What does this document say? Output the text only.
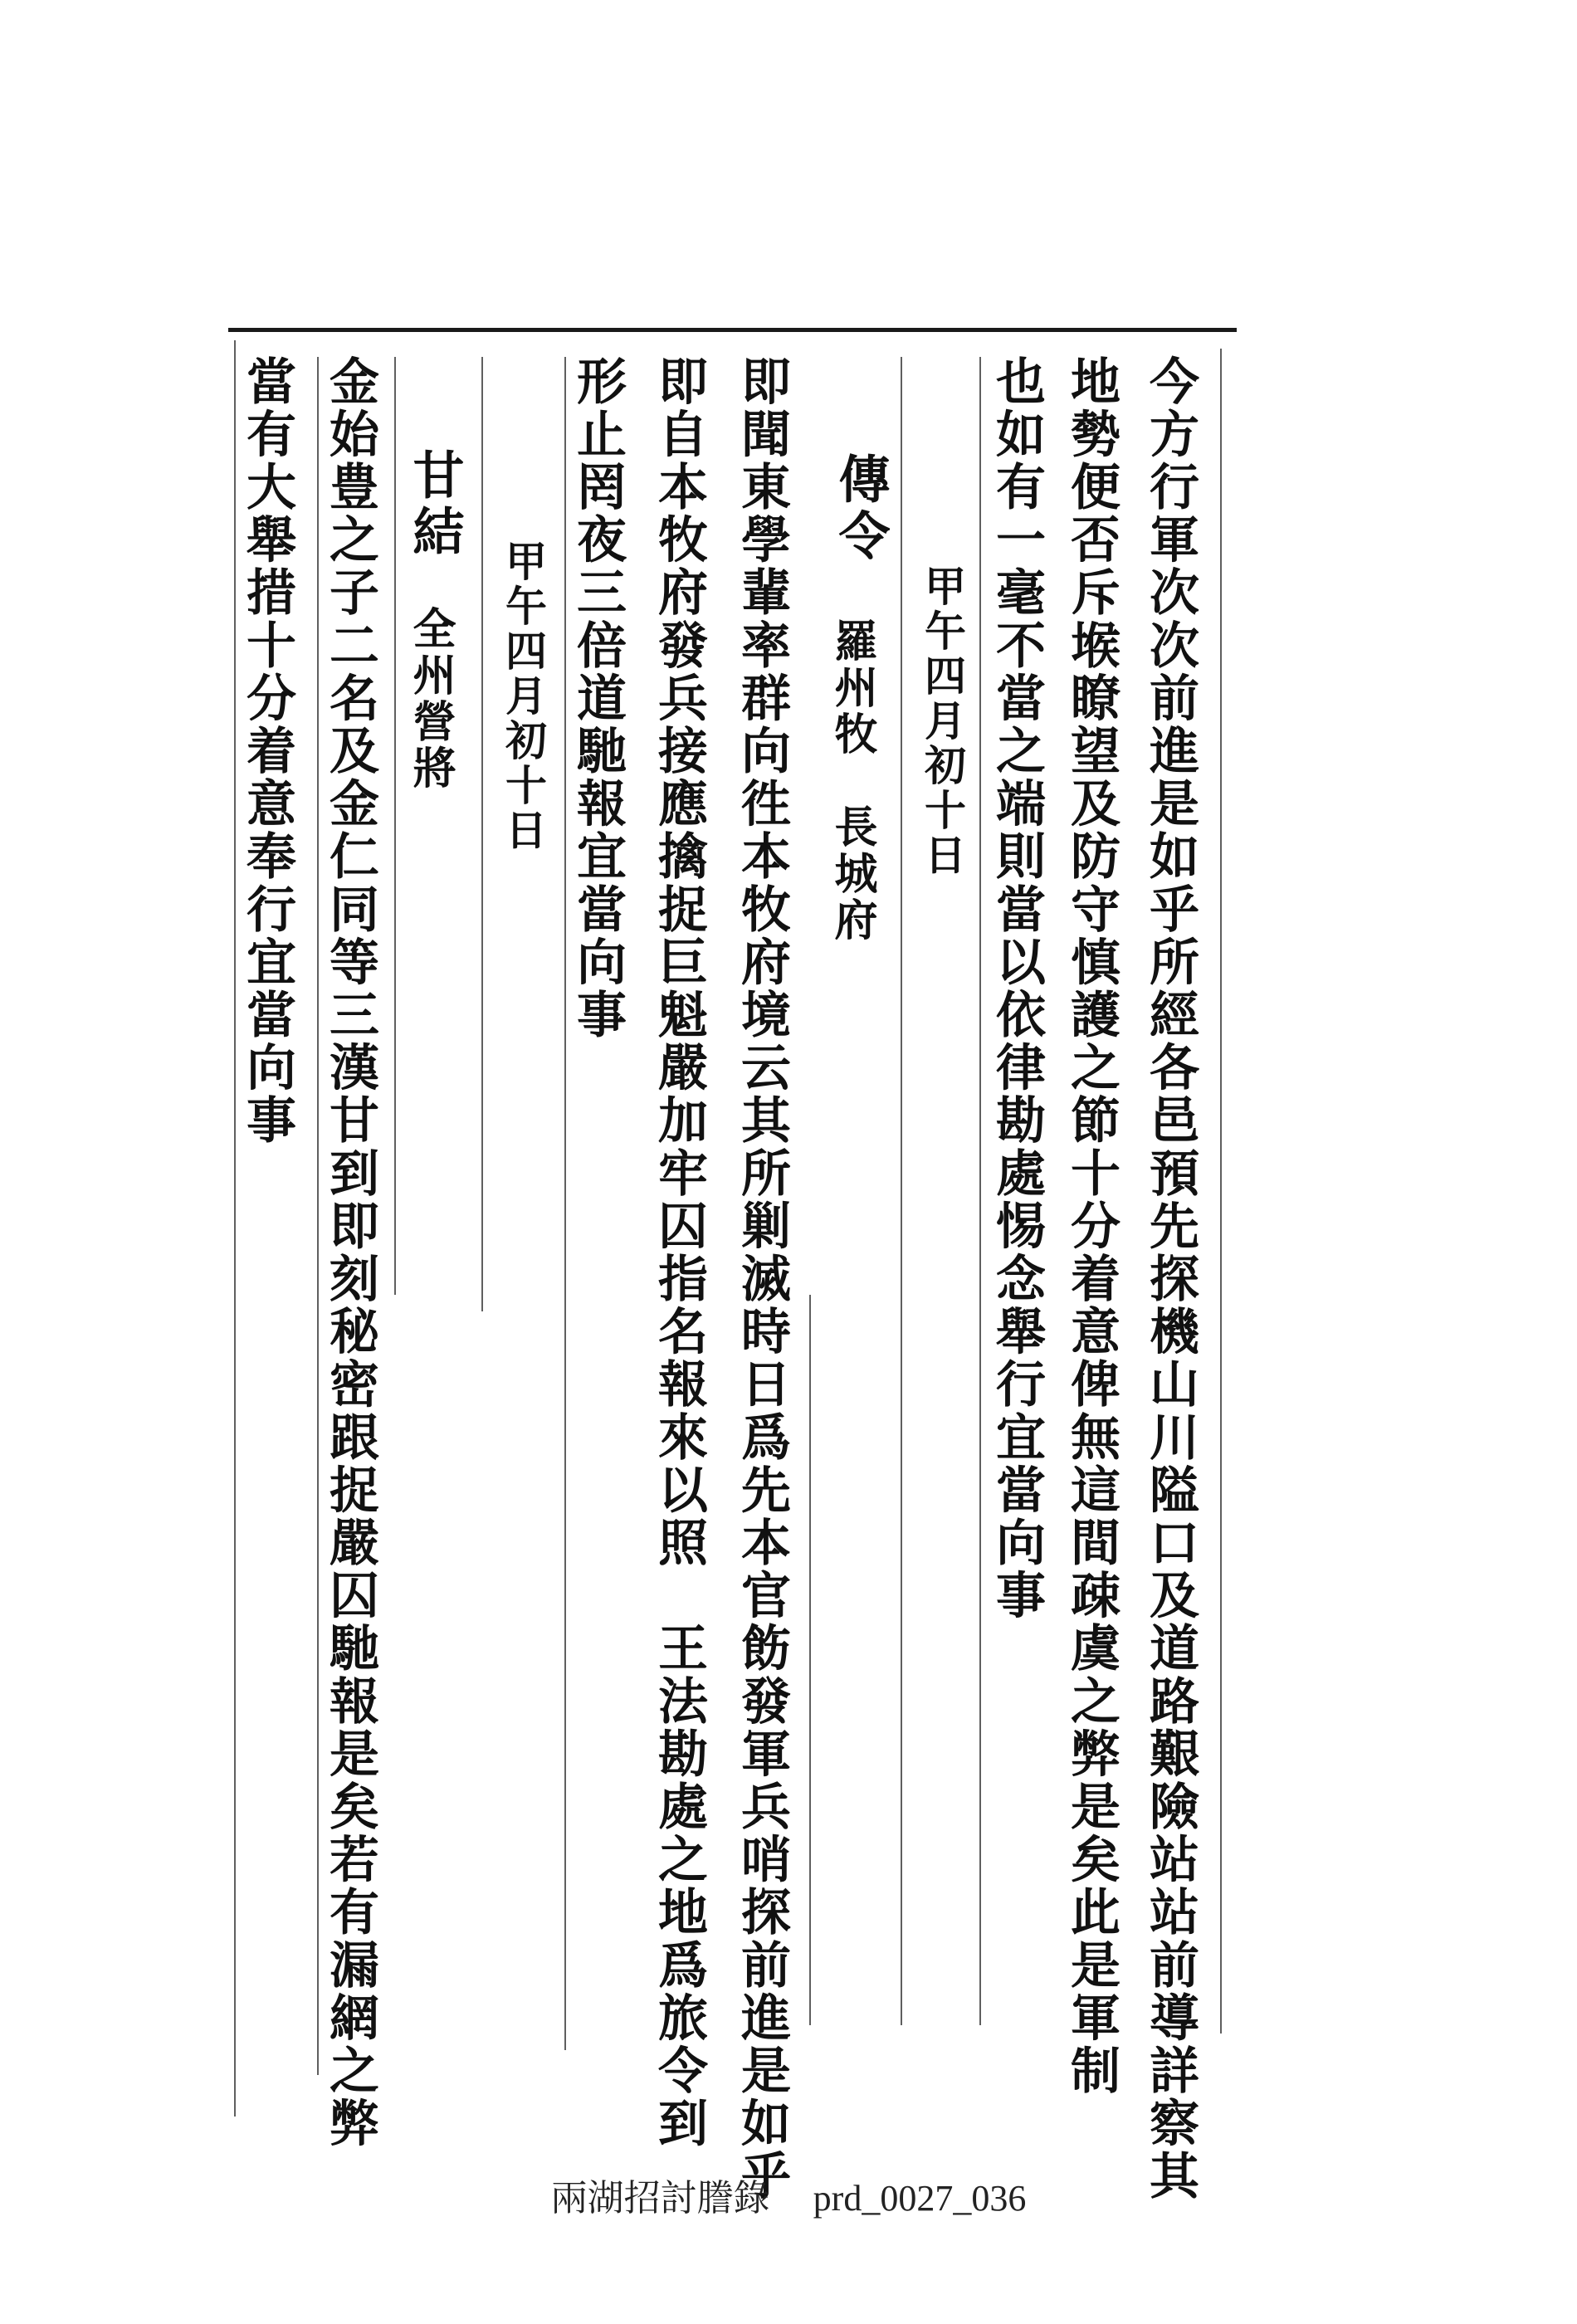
今方行軍次次前進是如乎所經各邑預先探機山川隘口及道路艱險站站前導詳察其
地勢便否斥堠瞭望及防守慎護之節十分着意俾無這間疎虞之弊是矣此是軍制
也如有一毫不當之端則當以依律勘處惕念舉行宜當向事
甲午四月初十日
傳令
羅州牧　長城府
即聞東學輩率群向徃本牧府境云其所剿滅時日爲先本官飭發軍兵哨探前進是如乎
即自本牧府發兵接應擒捉巨魁嚴加牢囚指名報來以照　王法勘處之地爲旅令到
形止罔夜三倍道馳報宜當向事
甲午四月初十日
甘結
全州營將
金始豊之子二名及金仁同等三漢甘到即刻秘密跟捉嚴囚馳報是矣若有漏網之弊
當有大舉措十分着意奉行宜當向事
兩湖招討謄錄 prd_0027_036
